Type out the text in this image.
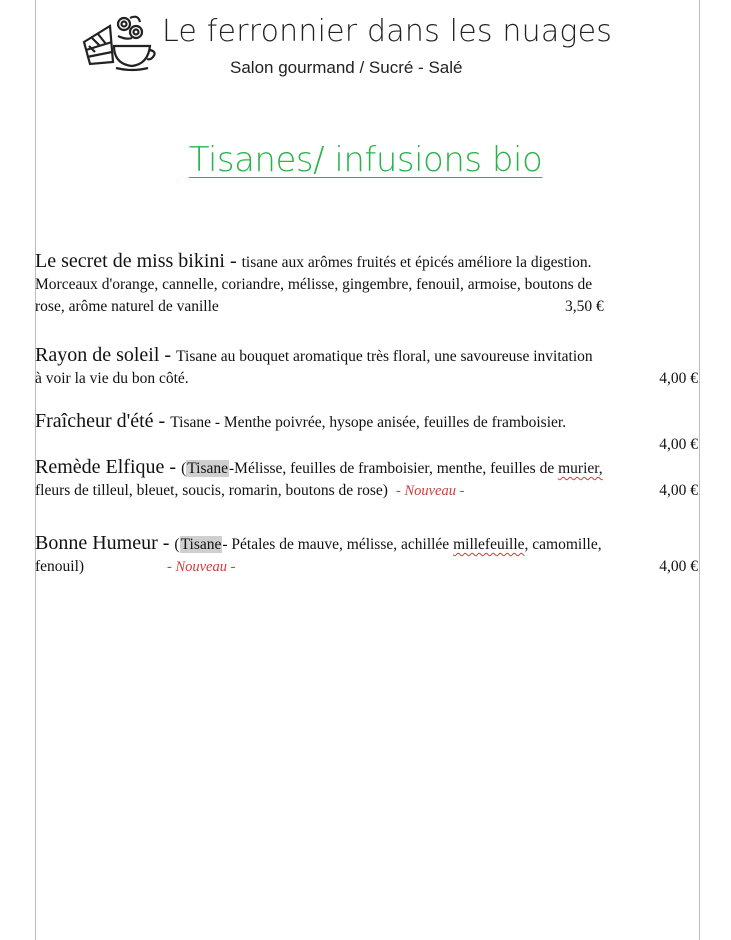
Le ferronnier dans les nuages
Salon gourmand / Sucré - Salé
Tisanes/ infusions bio
Le secret de miss bikini - tisane aux arômes fruités et épicés améliore la digestion.
Morceaux d'orange, cannelle, coriandre, mélisse, gingembre, fenouil, armoise, boutons de
rose, arôme naturel de vanille	3,50 €
Rayon de soleil - Tisane au bouquet aromatique très floral, une savoureuse invitation
à voir la vie du bon côté.	4,00 €
Fraîcheur d'été - Tisane - Menthe poivrée, hysope anisée, feuilles de framboisier.
4,00 €
Remède Elfique - (Tisane-Mélisse, feuilles de framboisier, menthe, feuilles de murier,
fleurs de tilleul, bleuet, soucis, romarin, boutons de rose) - Nouveau -	4,00 €
Bonne Humeur - (Tisane- Pétales de mauve, mélisse, achillée millefeuille, camomille,
fenouil)	- Nouveau -	4,00 €
